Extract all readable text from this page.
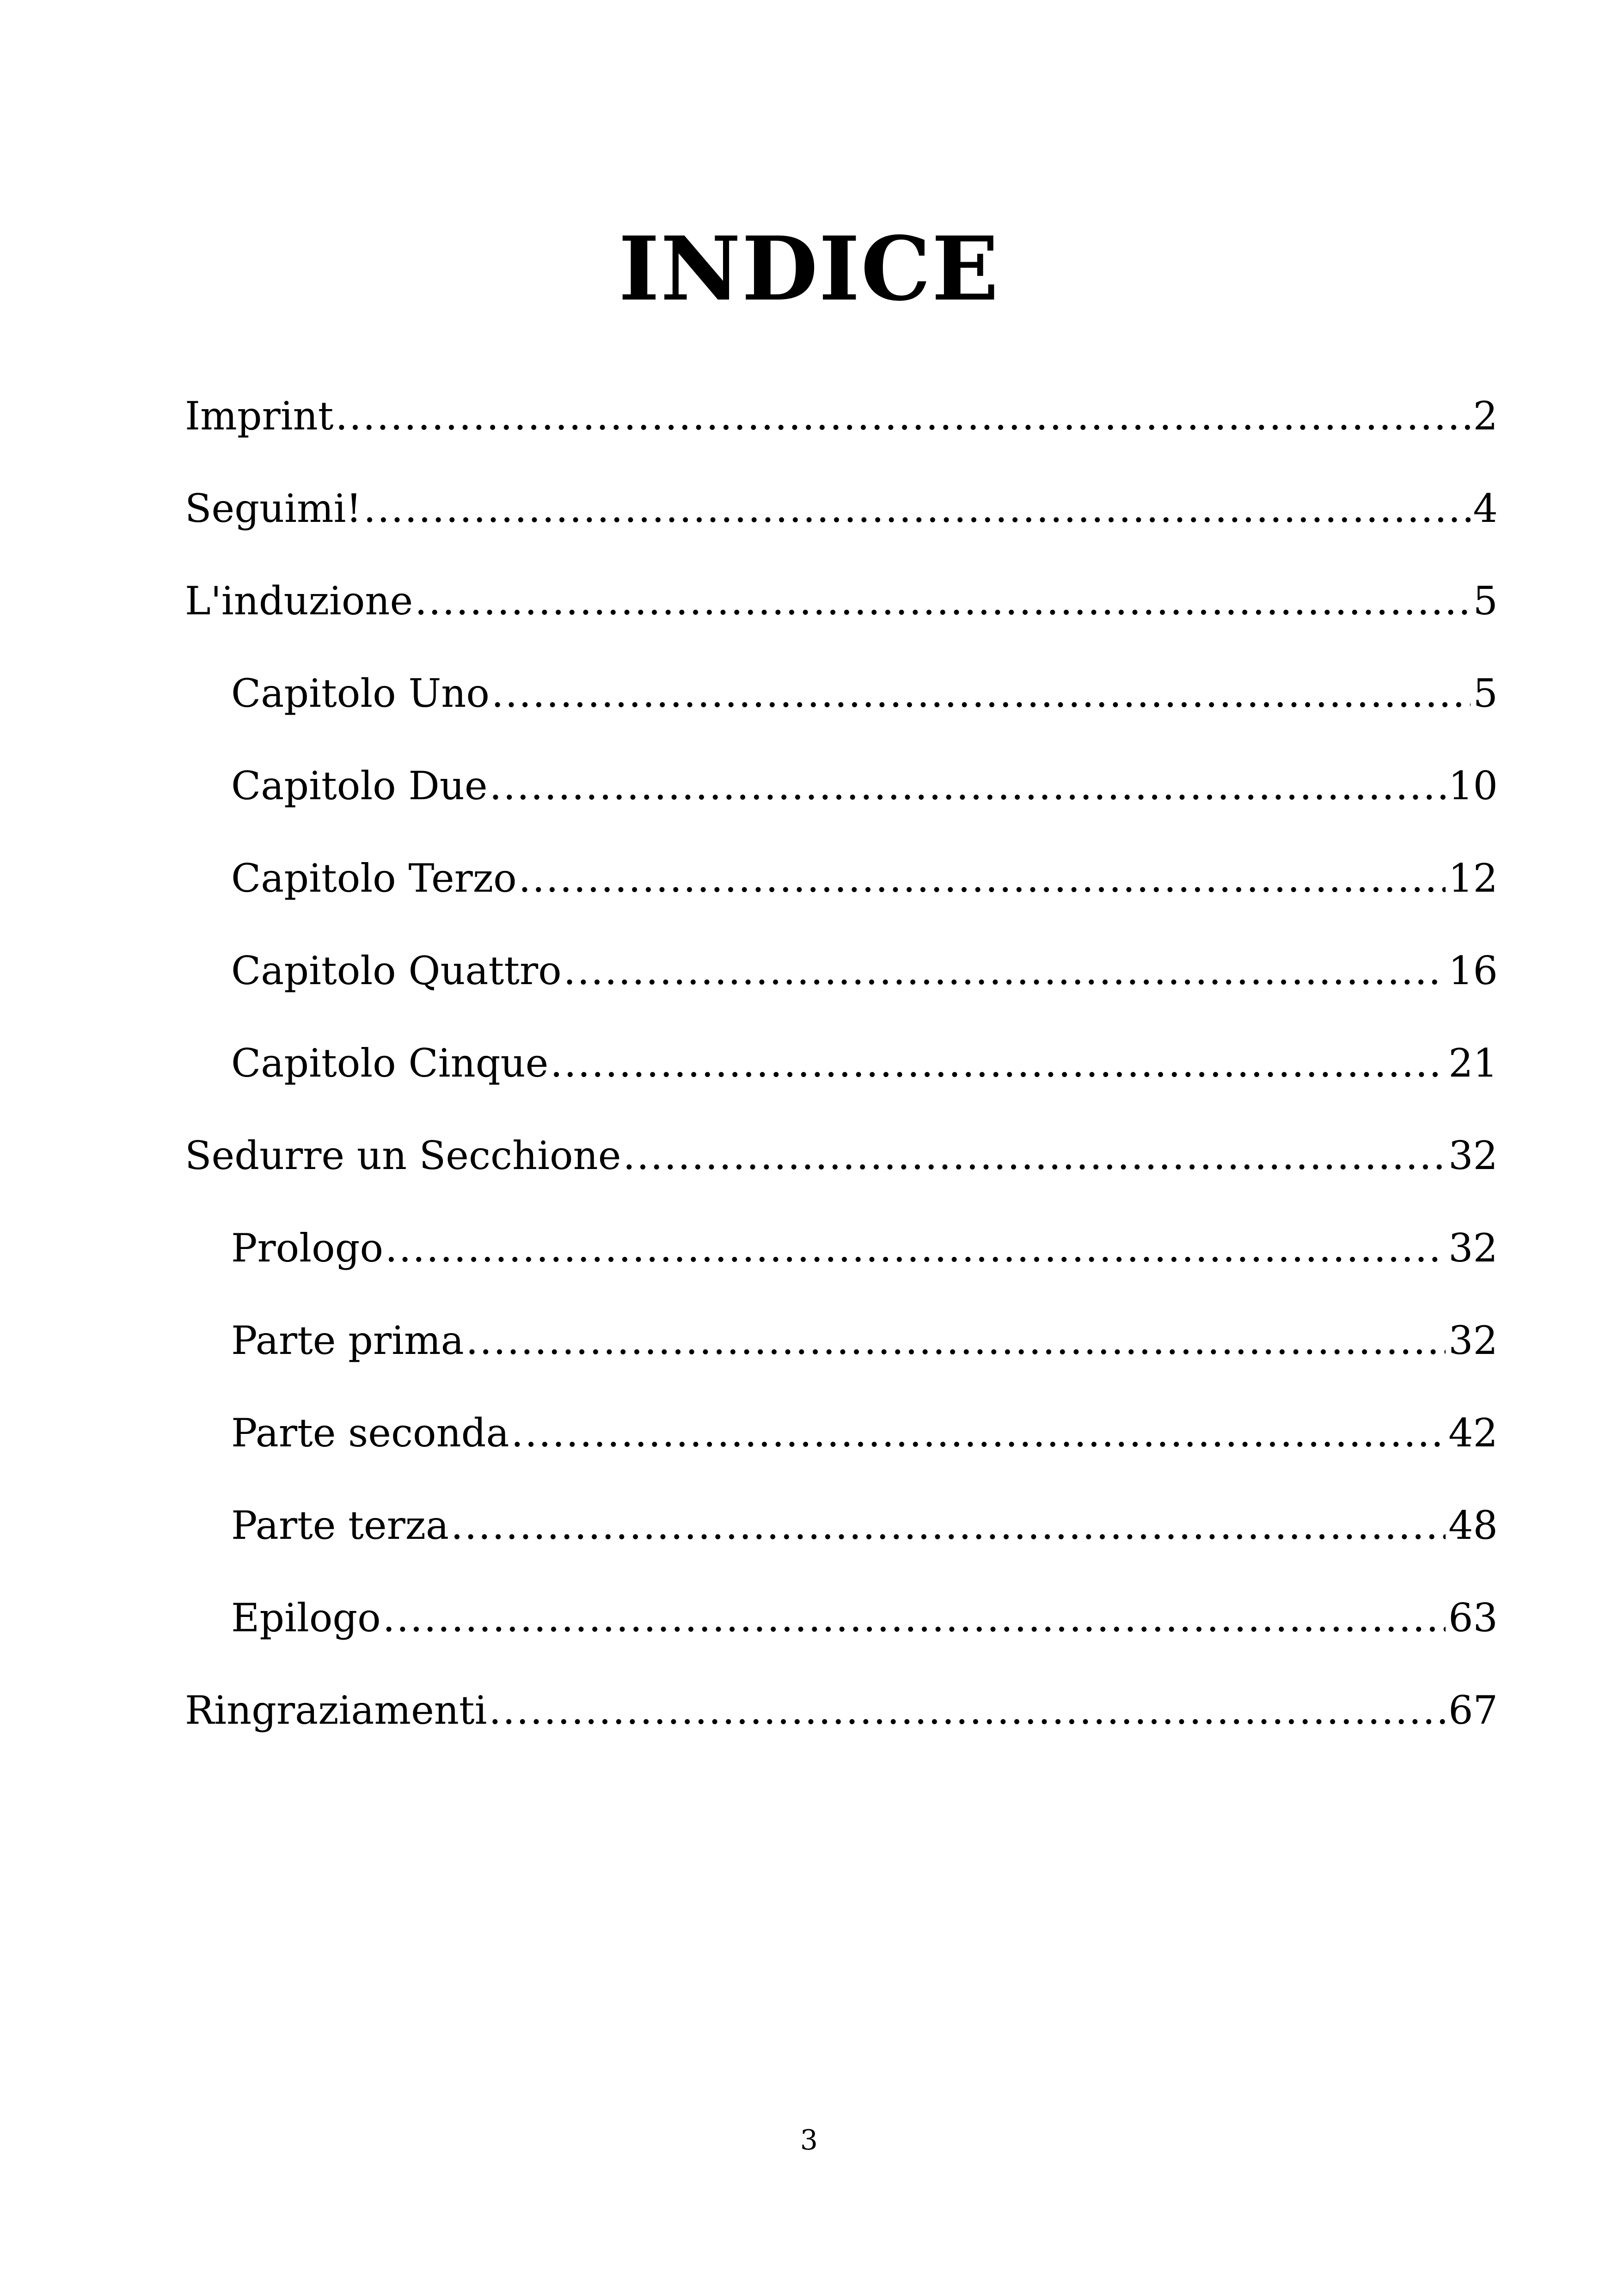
INDICE
Imprint .....	2
Seguimi! .....	4
L'induzione .....	5
Capitolo Uno .....	5
Capitolo Due .....	10
Capitolo Terzo .....	12
Capitolo Quattro .....	16
Capitolo Cinque .....	21
Sedurre un Secchione .....	32
Prologo .....	32
Parte prima .....	32
Parte seconda .....	42
Parte terza .....	48
Epilogo .....	63
Ringraziamenti .....	67
3
